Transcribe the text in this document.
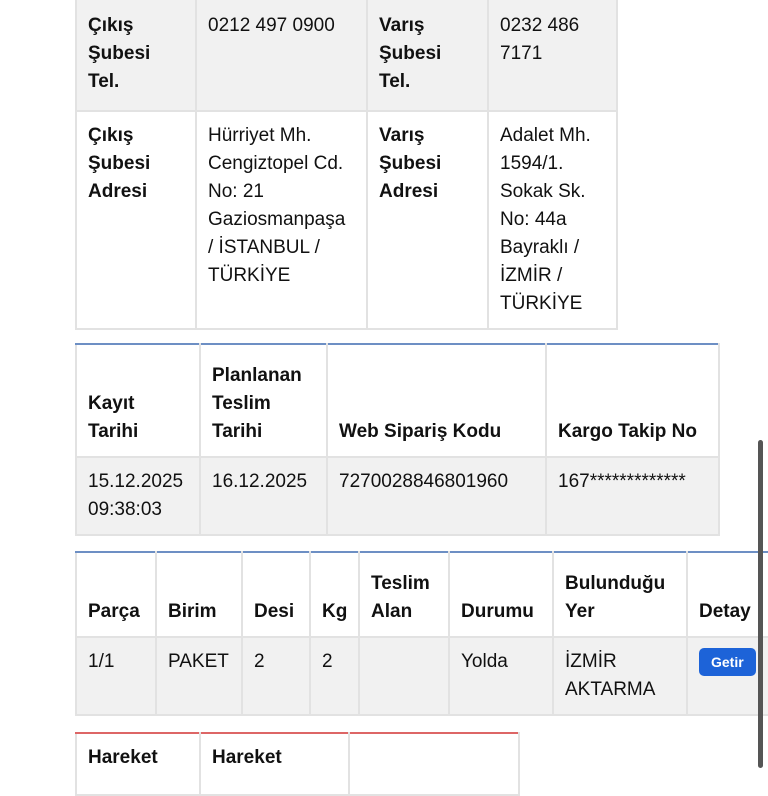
Çıkış Şubesi Tel.	0212 497 0900	Varış Şubesi Tel.	0232 486 7171
Çıkış Şubesi Adresi	Hürriyet Mh. Cengiztopel Cd. No: 21 Gaziosmanpaşa / İSTANBUL / TÜRKİYE	Varış Şubesi Adresi	Adalet Mh. 1594/1. Sokak Sk. No: 44a Bayraklı / İZMİR / TÜRKİYE
Kayıt Tarihi	Planlanan Teslim Tarihi	Web Sipariş Kodu	Kargo Takip No
15.12.2025 09:38:03	16.12.2025	7270028846801960	167*************
Parça	Birim	Desi	Kg	Teslim Alan	Durumu	Bulunduğu Yer	Detay
1/1	PAKET	2	2		Yolda	İZMİR AKTARMA	Getir
Hareket	Hareket	
